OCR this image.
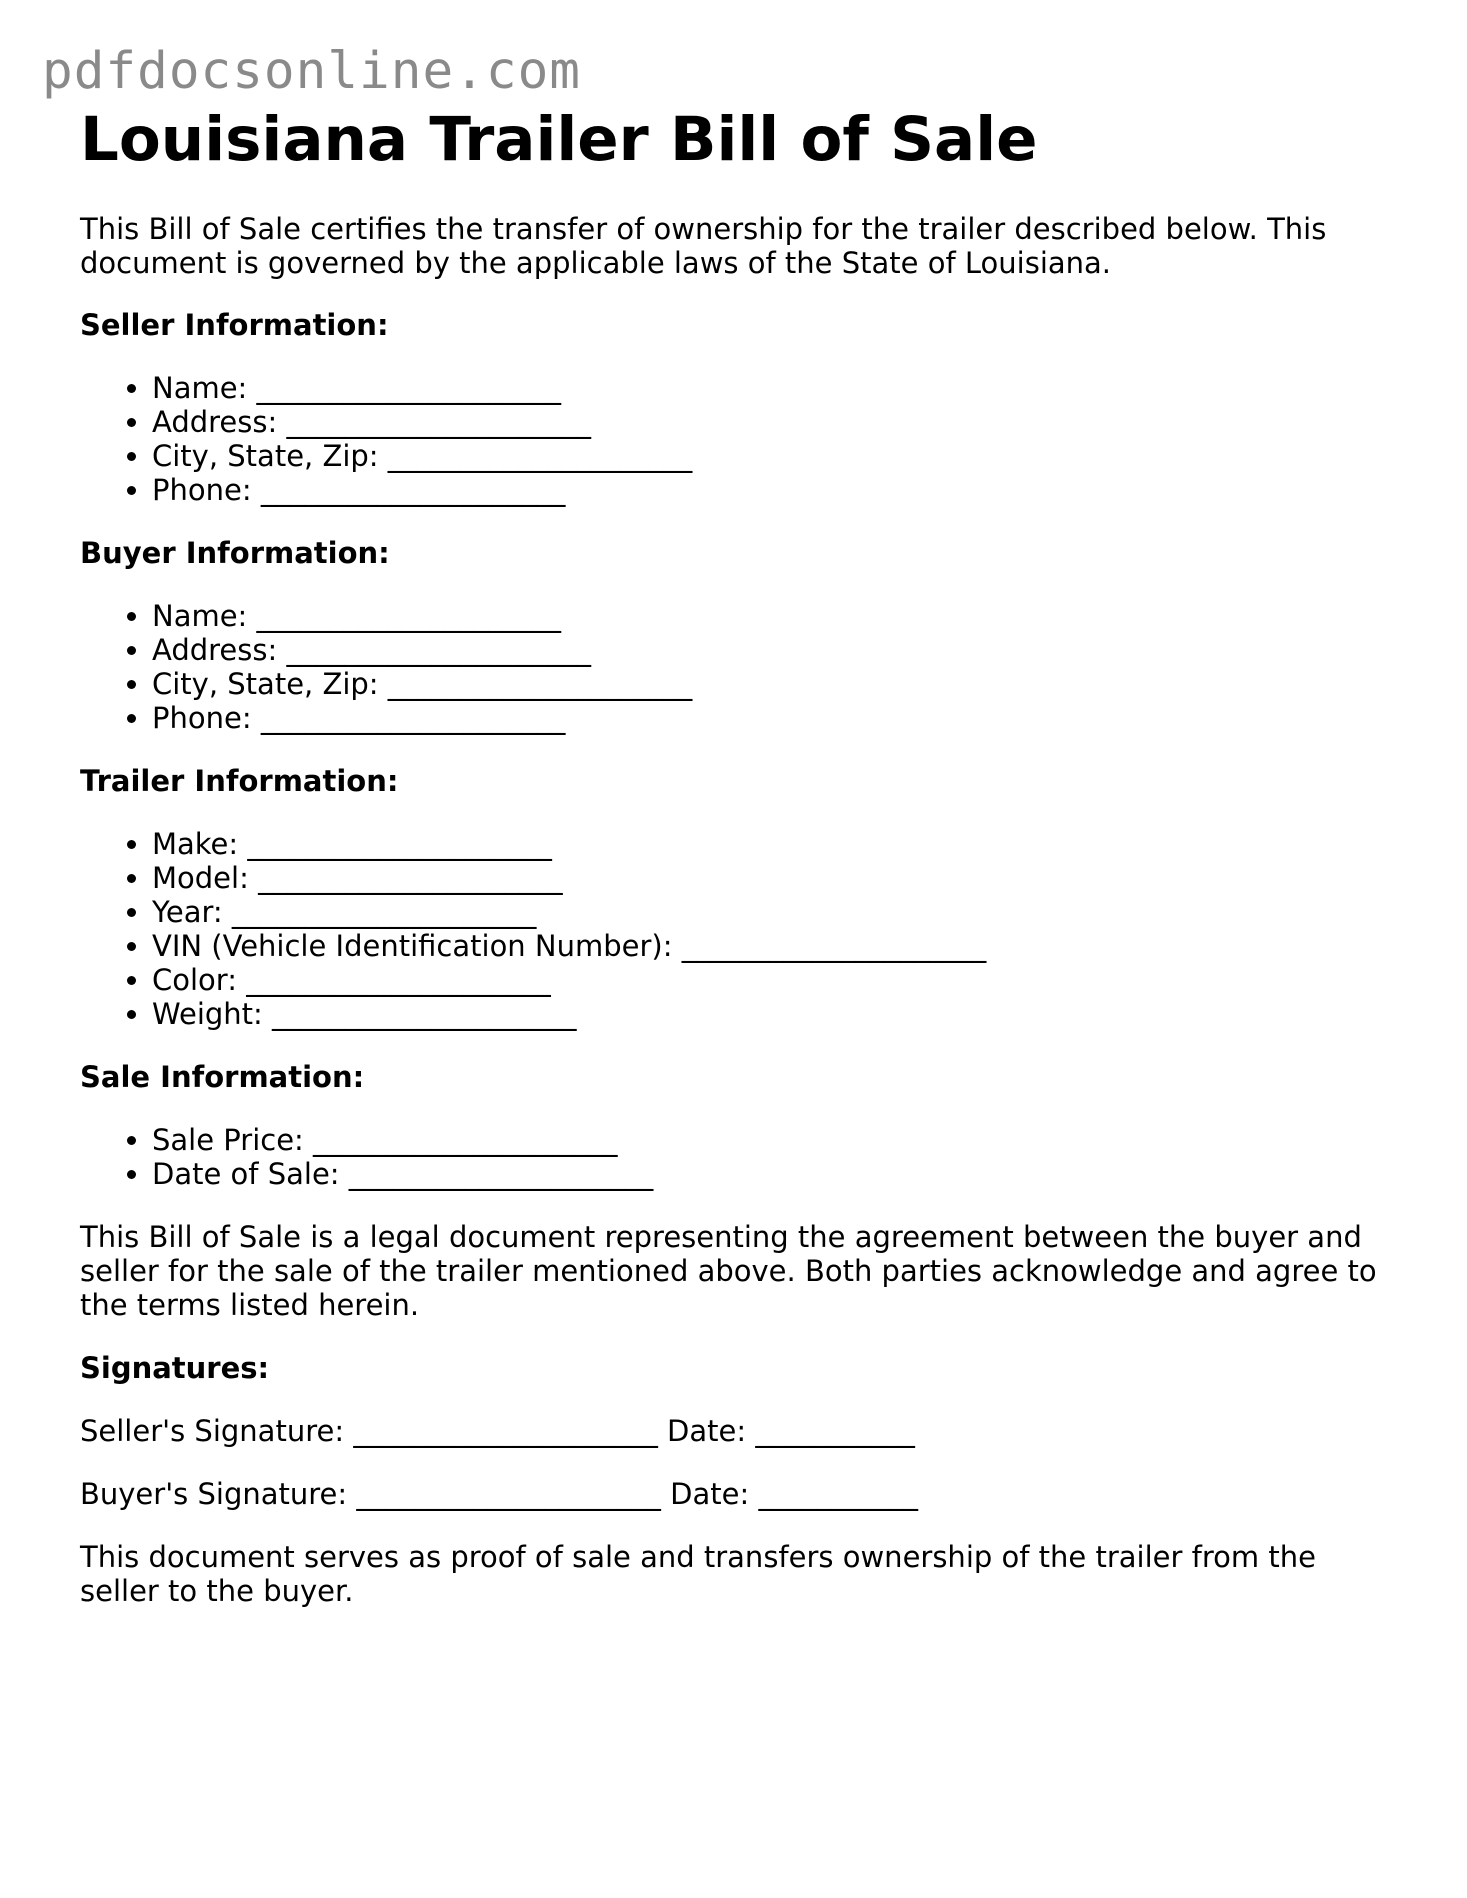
pdfdocsonline.com
Louisiana Trailer Bill of Sale

This Bill of Sale certifies the transfer of ownership for the trailer described below. This document is governed by the applicable laws of the State of Louisiana.

Seller Information:
• Name: _____________________
• Address: _____________________
• City, State, Zip: _____________________
• Phone: _____________________
Buyer Information:
• Name: _____________________
• Address: _____________________
• City, State, Zip: _____________________
• Phone: _____________________
Trailer Information:
• Make: _____________________
• Model: _____________________
• Year: _____________________
• VIN (Vehicle Identification Number): _____________________
• Color: _____________________
• Weight: _____________________
Sale Information:
• Sale Price: _____________________
• Date of Sale: _____________________

This Bill of Sale is a legal document representing the agreement between the buyer and seller for the sale of the trailer mentioned above. Both parties acknowledge and agree to the terms listed herein.

Signatures:

Seller's Signature: _____________________ Date: ___________

Buyer's Signature: _____________________ Date: ___________

This document serves as proof of sale and transfers ownership of the trailer from the seller to the buyer.
